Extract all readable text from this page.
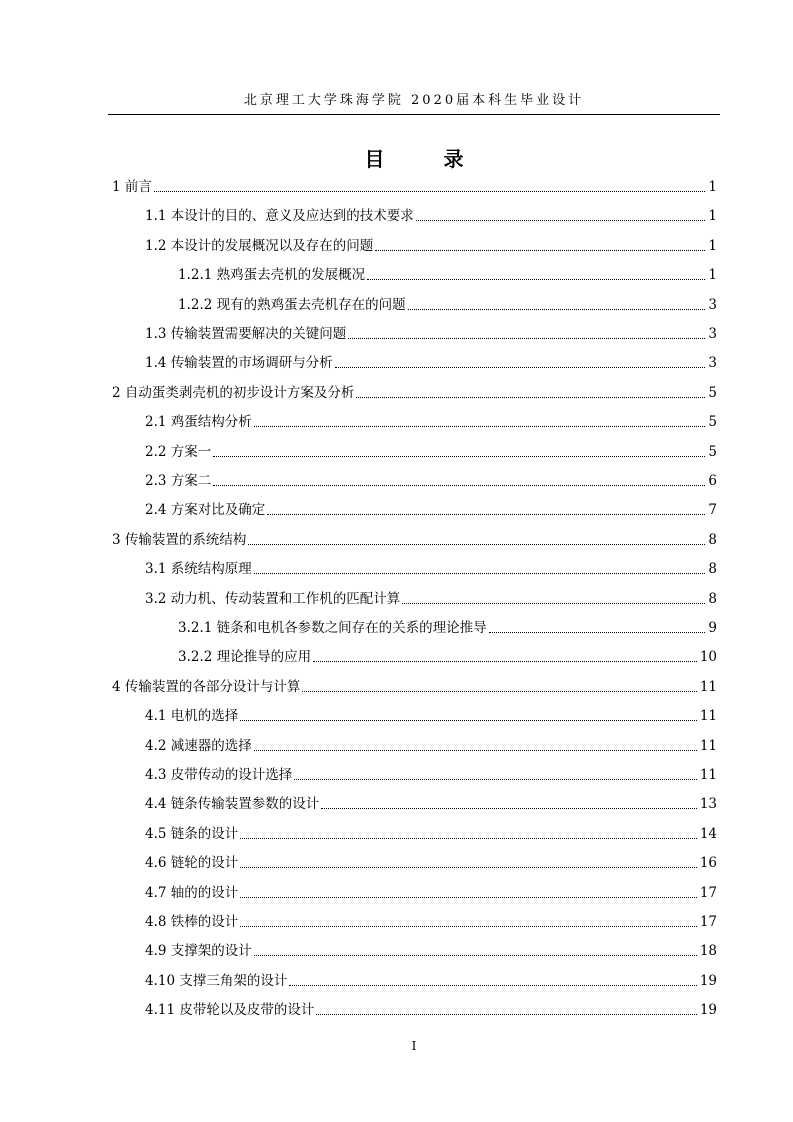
北京理工大学珠海学院 2020届本科生毕业设计
目 录
1 前言	1
1.1 本设计的目的、意义及应达到的技术要求	1
1.2 本设计的发展概况以及存在的问题	1
1.2.1 熟鸡蛋去壳机的发展概况	1
1.2.2 现有的熟鸡蛋去壳机存在的问题	3
1.3 传输装置需要解决的关键问题	3
1.4 传输装置的市场调研与分析	3
2 自动蛋类剥壳机的初步设计方案及分析	5
2.1 鸡蛋结构分析	5
2.2 方案一	5
2.3 方案二	6
2.4 方案对比及确定	7
3 传输装置的系统结构	8
3.1 系统结构原理	8
3.2 动力机、传动装置和工作机的匹配计算	8
3.2.1 链条和电机各参数之间存在的关系的理论推导	9
3.2.2 理论推导的应用	10
4 传输装置的各部分设计与计算	11
4.1 电机的选择	11
4.2 减速器的选择	11
4.3 皮带传动的设计选择	11
4.4 链条传输装置参数的设计	13
4.5 链条的设计	14
4.6 链轮的设计	16
4.7 轴的的设计	17
4.8 铁棒的设计	17
4.9 支撑架的设计	18
4.10 支撑三角架的设计	19
4.11 皮带轮以及皮带的设计	19
I
